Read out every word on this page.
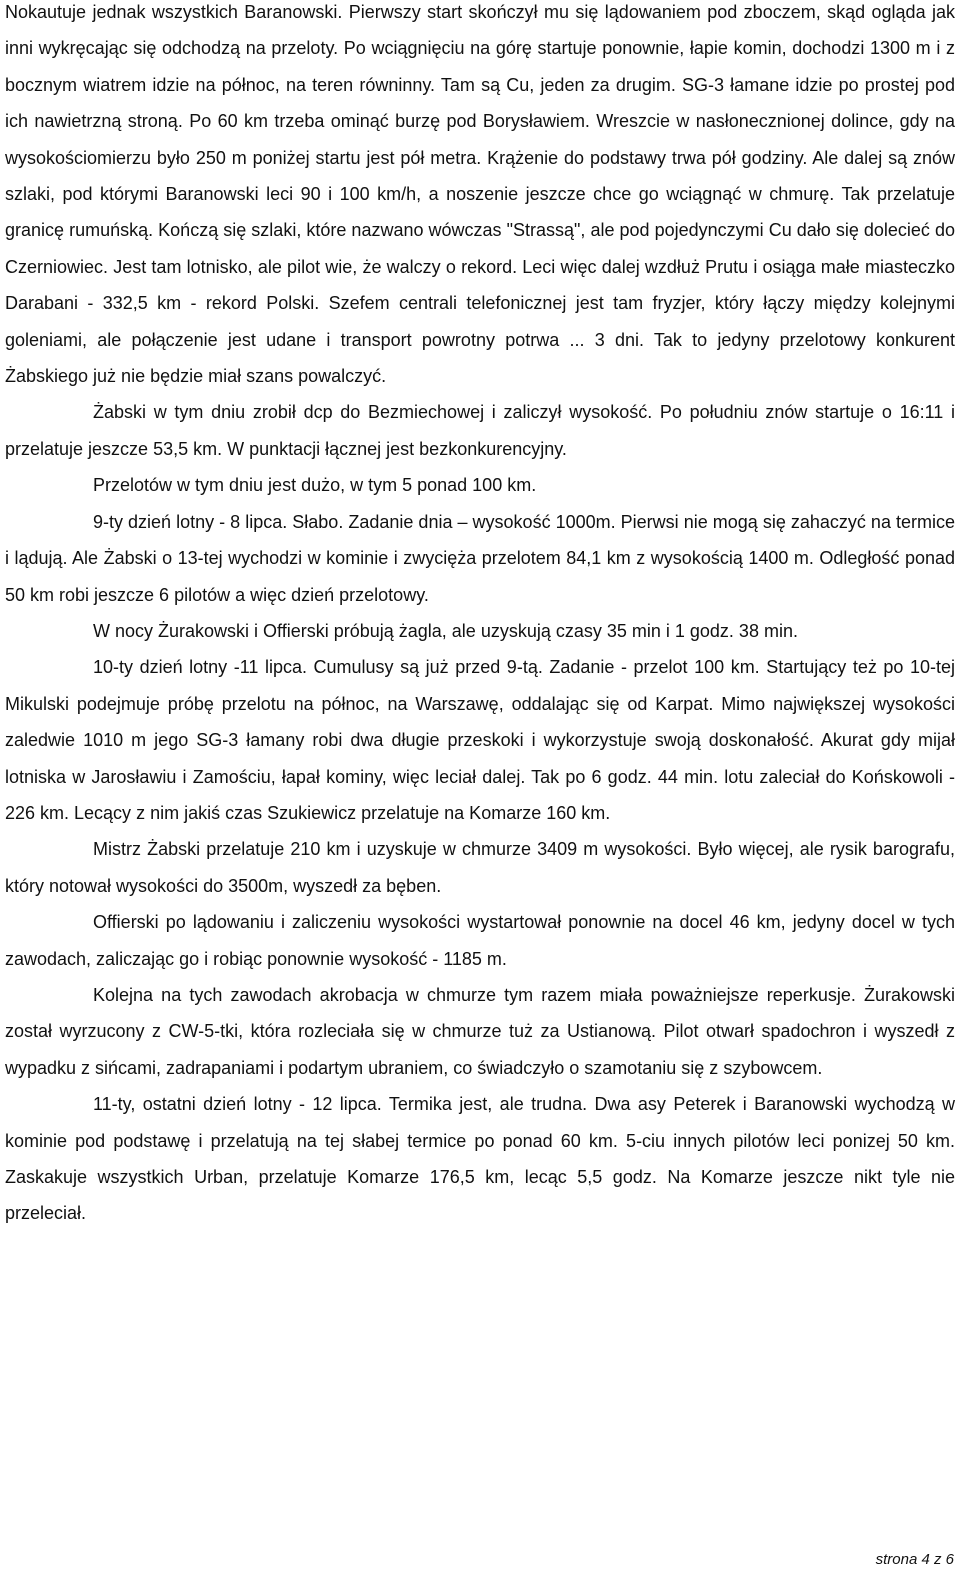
Nokautuje jednak wszystkich Baranowski. Pierwszy start skończył mu się lądowaniem pod zboczem, skąd ogląda jak inni wykręcając się odchodzą na przeloty. Po wciągnięciu na górę startuje ponownie, łapie komin, dochodzi 1300 m i z bocznym wiatrem idzie na północ, na teren równinny. Tam są Cu, jeden za drugim. SG-3 łamane idzie po prostej pod ich nawietrzną stroną. Po 60 km trzeba ominąć burzę pod Borysławiem. Wreszcie w nasłonecznionej dolince, gdy na wysokościomierzu było 250 m poniżej startu jest pół metra. Krążenie do podstawy trwa pół godziny. Ale dalej są znów szlaki, pod którymi Baranowski leci 90 i 100 km/h, a noszenie jeszcze chce go wciągnąć w chmurę. Tak przelatuje granicę rumuńską. Kończą się szlaki, które nazwano wówczas "Strassą", ale pod pojedynczymi Cu dało się dolecieć do Czerniowiec. Jest tam lotnisko, ale pilot wie, że walczy o rekord. Leci więc dalej wzdłuż Prutu i osiąga małe miasteczko Darabani - 332,5 km - rekord Polski. Szefem centrali telefonicznej jest tam fryzjer, który łączy między kolejnymi goleniami, ale połączenie jest udane i transport powrotny potrwa ... 3 dni. Tak to jedyny przelotowy konkurent Żabskiego już nie będzie miał szans powalczyć.

Żabski w tym dniu zrobił dcp do Bezmiechowej i zaliczył wysokość. Po południu znów startuje o 16:11 i przelatuje jeszcze 53,5 km. W punktacji łącznej jest bezkonkurencyjny.

Przelotów w tym dniu jest dużo, w tym 5 ponad 100 km.

9-ty dzień lotny - 8 lipca. Słabo. Zadanie dnia – wysokość 1000m. Pierwsi nie mogą się zahaczyć na termice i lądują. Ale Żabski o 13-tej wychodzi w kominie i zwycięża przelotem 84,1 km z wysokością 1400 m. Odległość ponad 50 km robi jeszcze 6 pilotów a więc dzień przelotowy.

W nocy Żurakowski i Offierski próbują żagla, ale uzyskują czasy 35 min i 1 godz. 38 min.

10-ty dzień lotny -11 lipca. Cumulusy są już przed 9-tą. Zadanie - przelot 100 km. Startujący też po 10-tej Mikulski podejmuje próbę przelotu na północ, na Warszawę, oddalając się od Karpat. Mimo największej wysokości zaledwie 1010 m jego SG-3 łamany robi dwa długie przeskoki i wykorzystuje swoją doskonałość. Akurat gdy mijał lotniska w Jarosławiu i Zamościu, łapał kominy, więc leciał dalej. Tak po 6 godz. 44 min. lotu zaleciał do Końskowoli - 226 km. Lecący z nim jakiś czas Szukiewicz przelatuje na Komarze 160 km.

Mistrz Żabski przelatuje 210 km i uzyskuje w chmurze 3409 m wysokości. Było więcej, ale rysik barografu, który notował wysokości do 3500m, wyszedł za bęben.

Offierski po lądowaniu i zaliczeniu wysokości wystartował ponownie na docel 46 km, jedyny docel w tych zawodach, zaliczając go i robiąc ponownie wysokość - 1185 m.

Kolejna na tych zawodach akrobacja w chmurze tym razem miała poważniejsze reperkusje. Żurakowski został wyrzucony z CW-5-tki, która rozleciała się w chmurze tuż za Ustianową. Pilot otwarł spadochron i wyszedł z wypadku z sińcami, zadrapaniami i podartym ubraniem, co świadczyło o szamotaniu się z szybowcem.

11-ty, ostatni dzień lotny - 12 lipca. Termika jest, ale trudna. Dwa asy Peterek i Baranowski wychodzą w kominie pod podstawę i przelatują na tej słabej termice po ponad 60 km. 5-ciu innych pilotów leci ponizej 50 km. Zaskakuje wszystkich Urban, przelatuje Komarze 176,5 km, lecąc 5,5 godz. Na Komarze jeszcze nikt tyle nie przeleciał.

strona 4 z 6
